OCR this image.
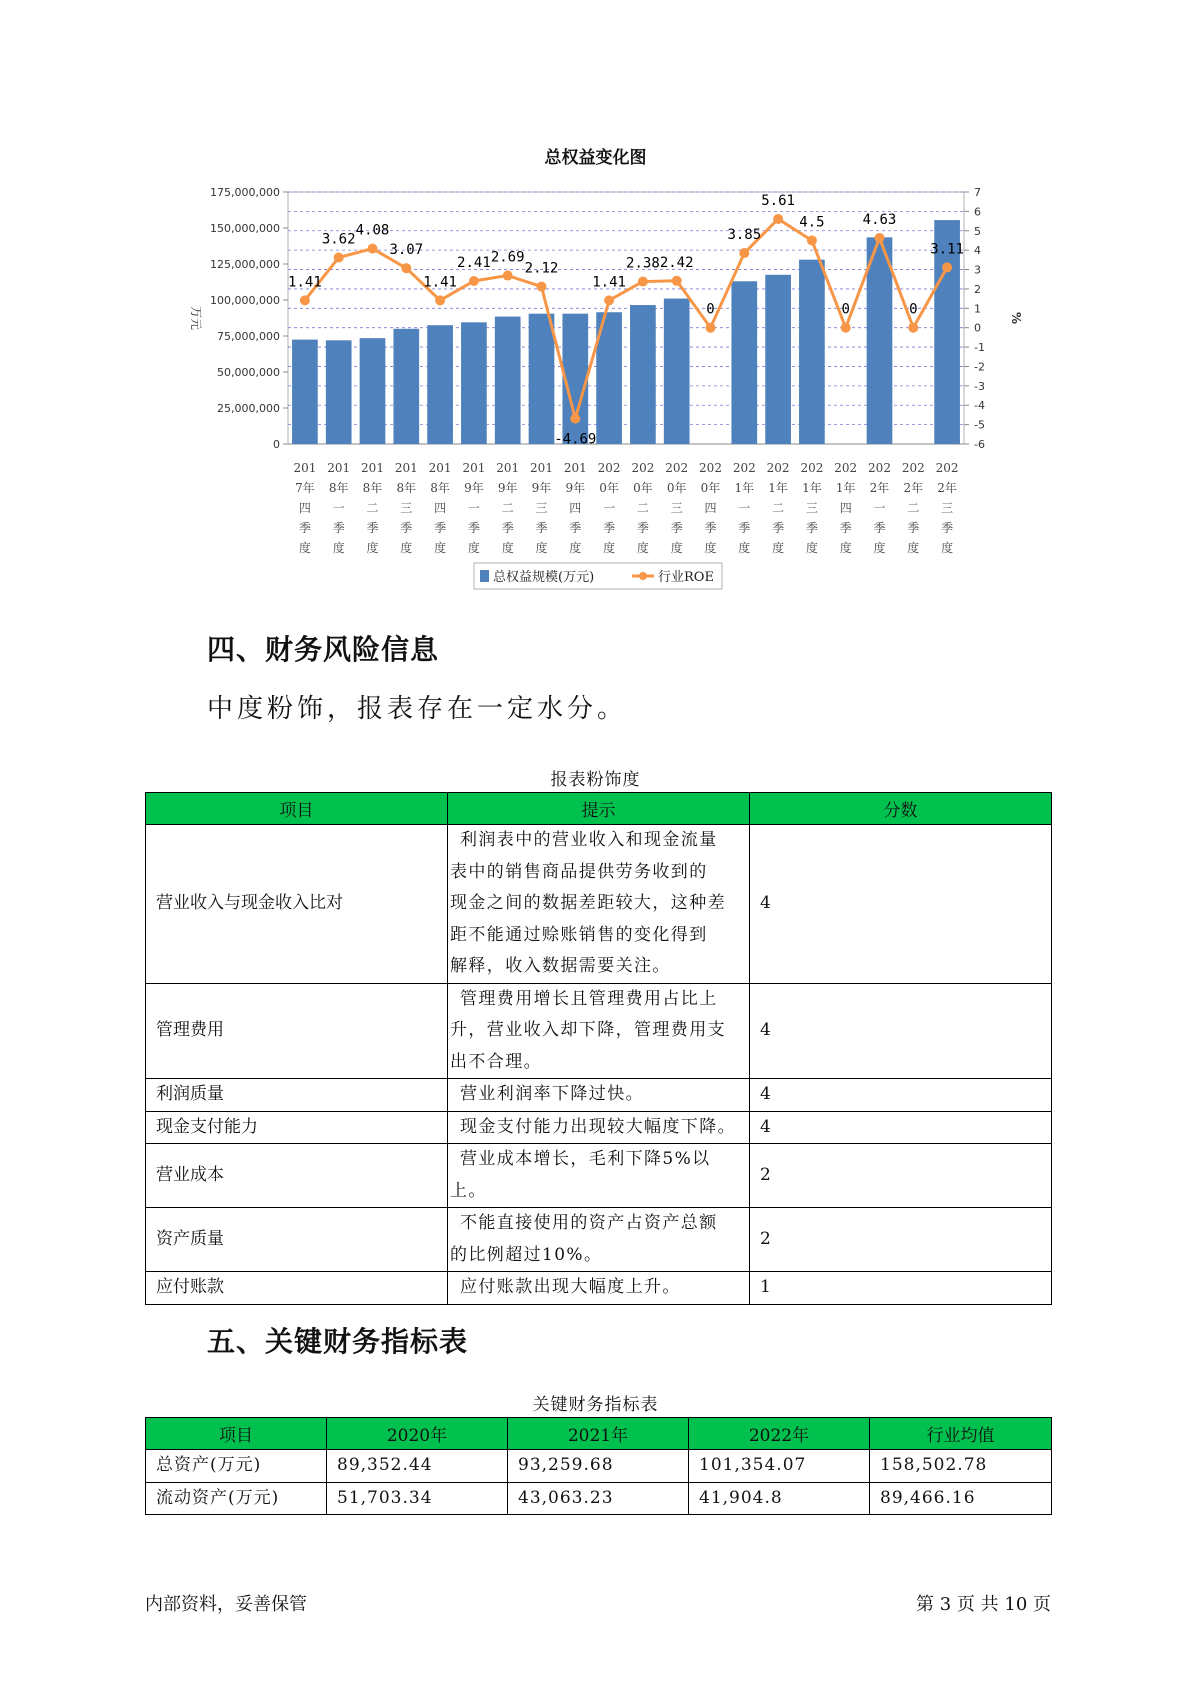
总权益变化图
-6
-5
-4
-3
-2
-1
0
1
2
3
4
5
6
7
0
25,000,000
50,000,000
75,000,000
100,000,000
125,000,000
150,000,000
175,000,000
1.41
3.62
4.08
3.07
1.41
2.41 2.69
2.12
-4.69
1.41
2.38 2.42
0
3.85
5.61
4.5
0
4.63
0
3.11
201
7年
四
季
度
201
8年
一
季
度
201
8年
二
季
度
201
8年
三
季
度
201
8年
四
季
度
201
9年
一
季
度
201
9年
二
季
度
201
9年
三
季
度
201
9年
四
季
度
202
0年
一
季
度
202
0年
二
季
度
202
0年
三
季
度
202
0年
四
季
度
202
1年
一
季
度
202
1年
二
季
度
202
1年
三
季
度
202
1年
四
季
度
202
2年
一
季
度
202
2年
二
季
度
202
2年
三
季
度
万元	%
总权益规模(万元)	行业ROE
四、财务风险信息
中度粉饰，报表存在一定水分。
报表粉饰度
项目	提示	分数
营业收入与现金收入比对	利润表中的营业收入和现金流量
表中的销售商品提供劳务收到的
现金之间的数据差距较大，这种差
距不能通过赊账销售的变化得到
解释，收入数据需要关注。	4
管理费用	管理费用增长且管理费用占比上
升，营业收入却下降，管理费用支
出不合理。	4
利润质量	营业利润率下降过快。	4
现金支付能力	现金支付能力出现较大幅度下降。	4
营业成本	营业成本增长，毛利下降5%以上。	2
资产质量	不能直接使用的资产占资产总额
的比例超过10%。	2
应付账款	应付账款出现大幅度上升。	1
五、关键财务指标表
关键财务指标表
项目	2020年	2021年	2022年	行业均值
总资产(万元)	89,352.44	93,259.68	101,354.07	158,502.78
流动资产(万元)	51,703.34	43,063.23	41,904.8	89,466.16
内部资料，妥善保管	第 3 页 共 10 页
